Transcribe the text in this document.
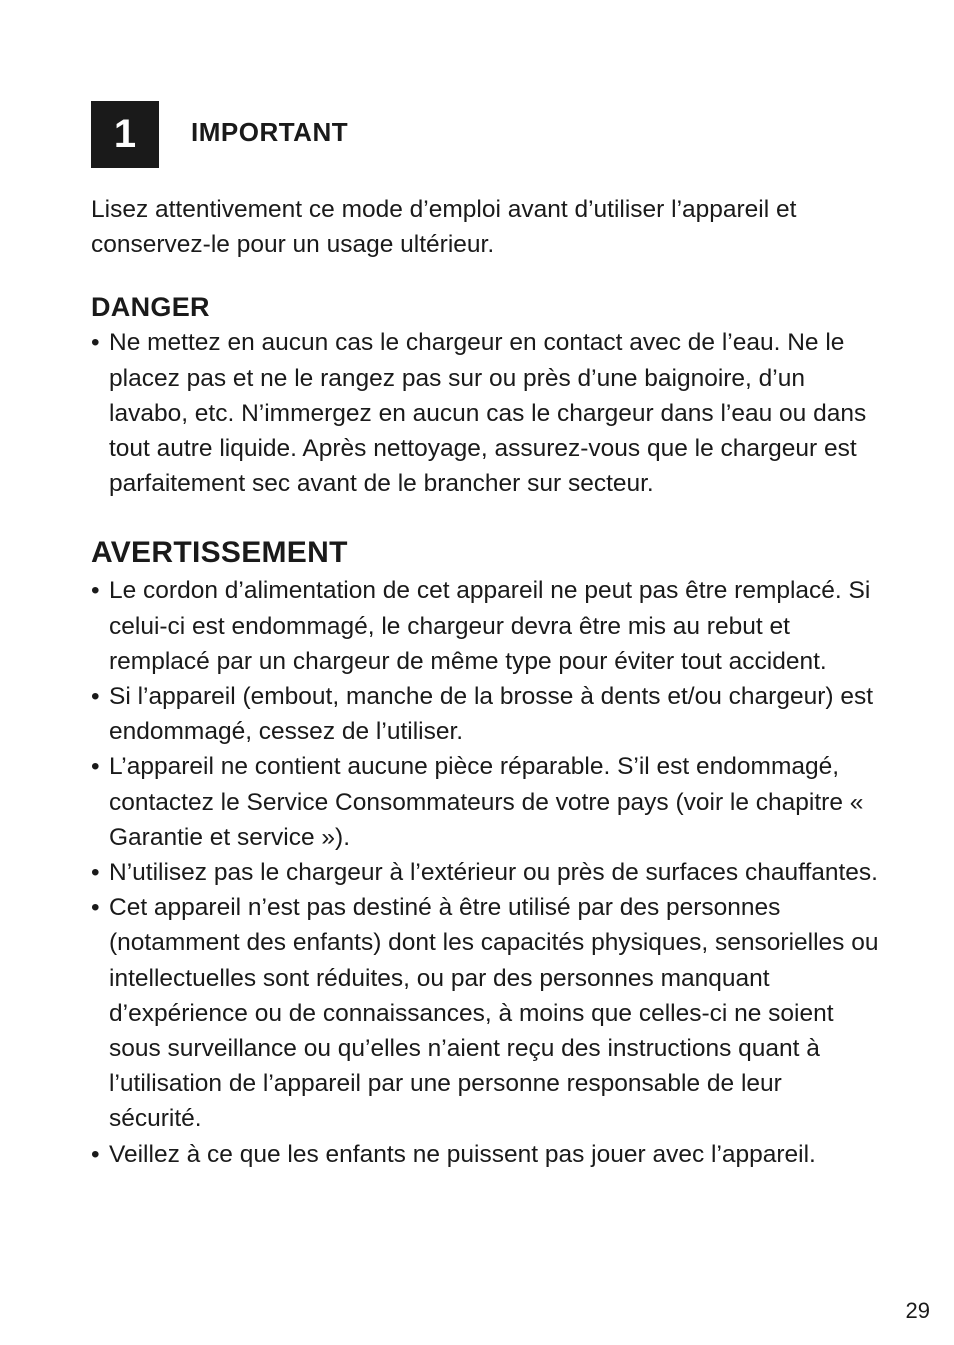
1 IMPORTANT

Lisez attentivement ce mode d’emploi avant d’utiliser l’appareil et conservez-le pour un usage ultérieur.

DANGER
• Ne mettez en aucun cas le chargeur en contact avec de l’eau. Ne le placez pas et ne le rangez pas sur ou près d’une baignoire, d’un lavabo, etc. N’immergez en aucun cas le chargeur dans l’eau ou dans tout autre liquide. Après nettoyage, assurez-vous que le chargeur est parfaitement sec avant de le brancher sur secteur.
AVERTISSEMENT
• Le cordon d’alimentation de cet appareil ne peut pas être remplacé. Si celui-ci est endommagé, le chargeur devra être mis au rebut et remplacé par un chargeur de même type pour éviter tout accident.
• Si l’appareil (embout, manche de la brosse à dents et/ou chargeur) est endommagé, cessez de l’utiliser.
• L’appareil ne contient aucune pièce réparable. S’il est endommagé, contactez le Service Consommateurs de votre pays (voir le chapitre « Garantie et service »).
• N’utilisez pas le chargeur à l’extérieur ou près de surfaces chauffantes.
• Cet appareil n’est pas destiné à être utilisé par des personnes (notamment des enfants) dont les capacités physiques, sensorielles ou intellectuelles sont réduites, ou par des personnes manquant d’expérience ou de connaissances, à moins que celles-ci ne soient sous surveillance ou qu’elles n’aient reçu des instructions quant à l’utilisation de l’appareil par une personne responsable de leur sécurité.
• Veillez à ce que les enfants ne puissent pas jouer avec l’appareil.
29
